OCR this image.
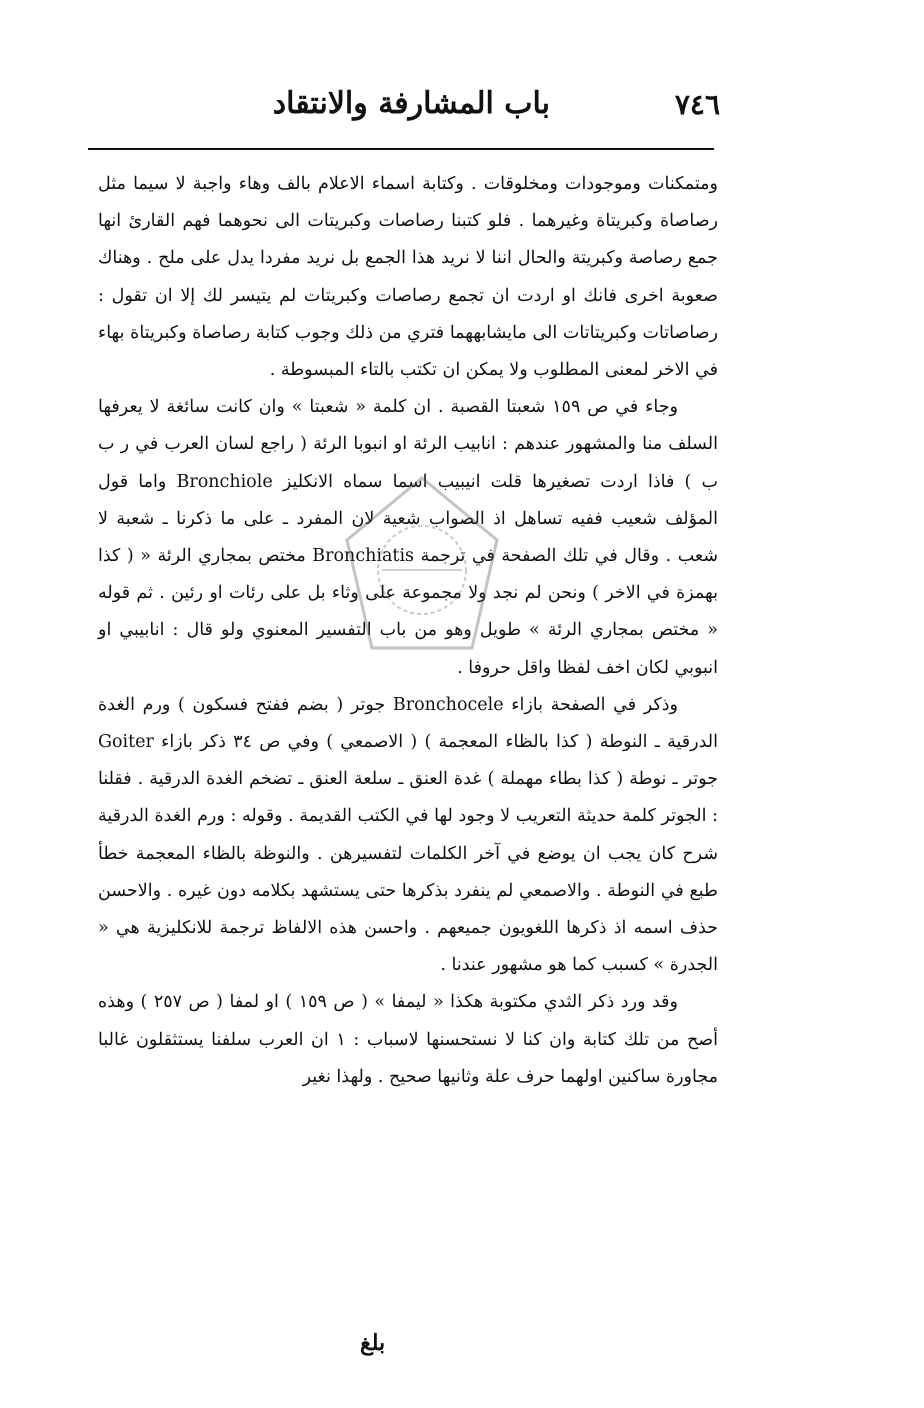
٧٤٦
باب المشارفة والانتقاد

ومتمكنات وموجودات ومخلوقات . وكتابة اسماء الاعلام بالف وهاء واجبة لا سيما مثل رصاصاة وكبريتاة وغيرهما . فلو كتبنا رصاصات وكبريتات الى نحوهما فهم القارئ انها جمع رصاصة وكبريتة والحال اننا لا نريد هذا الجمع بل نريد مفردا يدل على ملح . وهناك صعوبة اخرى فانك او اردت ان تجمع رصاصات وكبريتات لم يتيسر لك إلا ان تقول : رصاصاتات وكبريتاتات الى مايشابههما فتري من ذلك وجوب كتابة رصاصاة وكبريتاة بهاء في الاخر لمعنى المطلوب ولا يمكن ان تكتب بالتاء المبسوطة .

وجاء في ص ١٥٩ شعبتا القصبة . ان كلمة « شعبتا » وان كانت سائغة لا يعرفها السلف منا والمشهور عندهم : انابيب الرئة او انبوبا الرئة ( راجع لسان العرب في ر ب ب ) فاذا اردت تصغيرها قلت انيبيب اسما سماه الانكليز Bronchiole واما قول المؤلف شعيب ففيه تساهل اذ الصواب شعية لان المفرد ـ على ما ذكرنا ـ شعبة لا شعب . وقال في تلك الصفحة في ترجمة Bronchiatis مختص بمجاري الرئة « ( كذا بهمزة في الاخر ) ونحن لم نجد ولا مجموعة على وثاء بل على رئات او رئين . ثم قوله « مختص بمجاري الرئة » طويل وهو من باب التفسير المعنوي ولو قال : انابيبي او انبوبي لكان اخف لفظا واقل حروفا .

وذكر في الصفحة بازاء Bronchocele جوتر ( بضم ففتح فسكون ) ورم الغدة الدرقية ـ النوطة ( كذا بالظاء المعجمة ) ( الاصمعي ) وفي ص ٣٤ ذكر بازاء Goiter جوتر ـ نوطة ( كذا بطاء مهملة ) غدة العنق ـ سلعة العنق ـ تضخم الغدة الدرقية . فقلنا : الجوتر كلمة حديثة التعريب لا وجود لها في الكتب القديمة . وقوله : ورم الغدة الدرقية شرح كان يجب ان يوضع في آخر الكلمات لتفسيرهن . والنوظة بالظاء المعجمة خطأ طبع في النوطة . والاصمعي لم ينفرد بذكرها حتى يستشهد بكلامه دون غيره . والاحسن حذف اسمه اذ ذكرها اللغويون جميعهم . واحسن هذه الالفاظ ترجمة للانكليزية هي « الجدرة » كسبب كما هو مشهور عندنا .

وقد ورد ذكر الثدي مكتوبة هكذا « ليمفا » ( ص ١٥٩ ) او لمفا ( ص ٢٥٧ ) وهذه أصح من تلك كتابة وان كنا لا نستحسنها لاسباب : ١ ان العرب سلفنا يستثقلون غالبا مجاورة ساكنين اولهما حرف علة وثانيها صحيح . ولهذا نغير

بلغ
